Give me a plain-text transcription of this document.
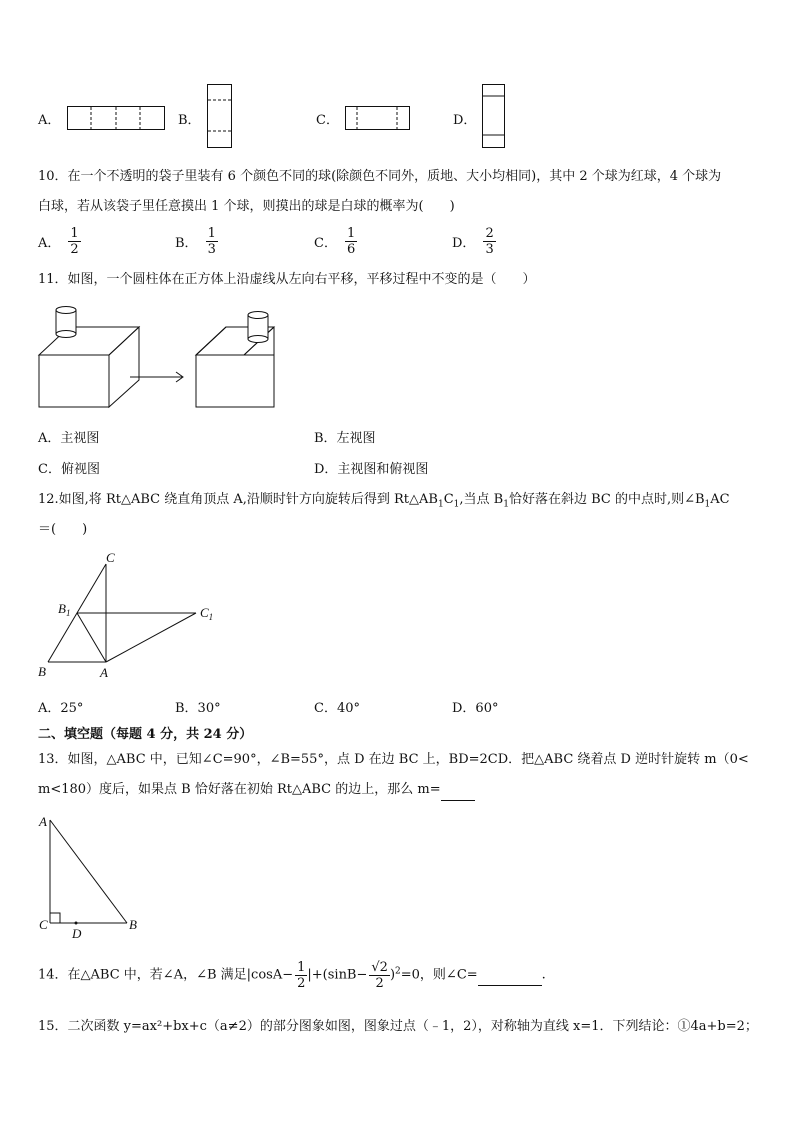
A．	B．	C．	D．
10．在一个不透明的袋子里装有 6 个颜色不同的球(除颜色不同外，质地、大小均相同)，其中 2 个球为红球，4 个球为
白球，若从该袋子里任意摸出 1 个球，则摸出的球是白球的概率为(　　)
A． $\frac{1}{2}$	B． $\frac{1}{3}$	C． $\frac{1}{6}$	D． $\frac{2}{3}$
11．如图，一个圆柱体在正方体上沿虚线从左向右平移，平移过程中不变的是（　　）
A．主视图	B．左视图
C．俯视图	D．主视图和俯视图
12.如图,将 Rt△ABC 绕直角顶点 A,沿顺时针方向旋转后得到 $Rt\triangle AB_1C_1$,当点 $B_1$恰好落在斜边 BC 的中点时,则$\angle B_1AC$
＝(　　)
C
$B_1$	$C_1$
B	A
A．25°	B．30°	C．40°	D．60°
二、填空题（每题 4 分，共 24 分）
13．如图，△ABC 中，已知∠C=90°，∠B=55°，点 D 在边 BC 上，BD=2CD．把△ABC 绕着点 D 逆时针旋转 m（0<
m<180）度后，如果点 B 恰好落在初始 Rt△ABC 的边上，那么 m=
A
C
D
B
14．在△ABC 中，若∠A，∠B 满足$|\cos A- \frac{1}{2} |+(\sin B- \frac{√2}{2} )^2=0$，则∠C=	.
15．二次函数 y=ax²+bx+c（a≠2）的部分图象如图，图象过点（﹣1，2），对称轴为直线 x=1．下列结论：①4a+b=2；
